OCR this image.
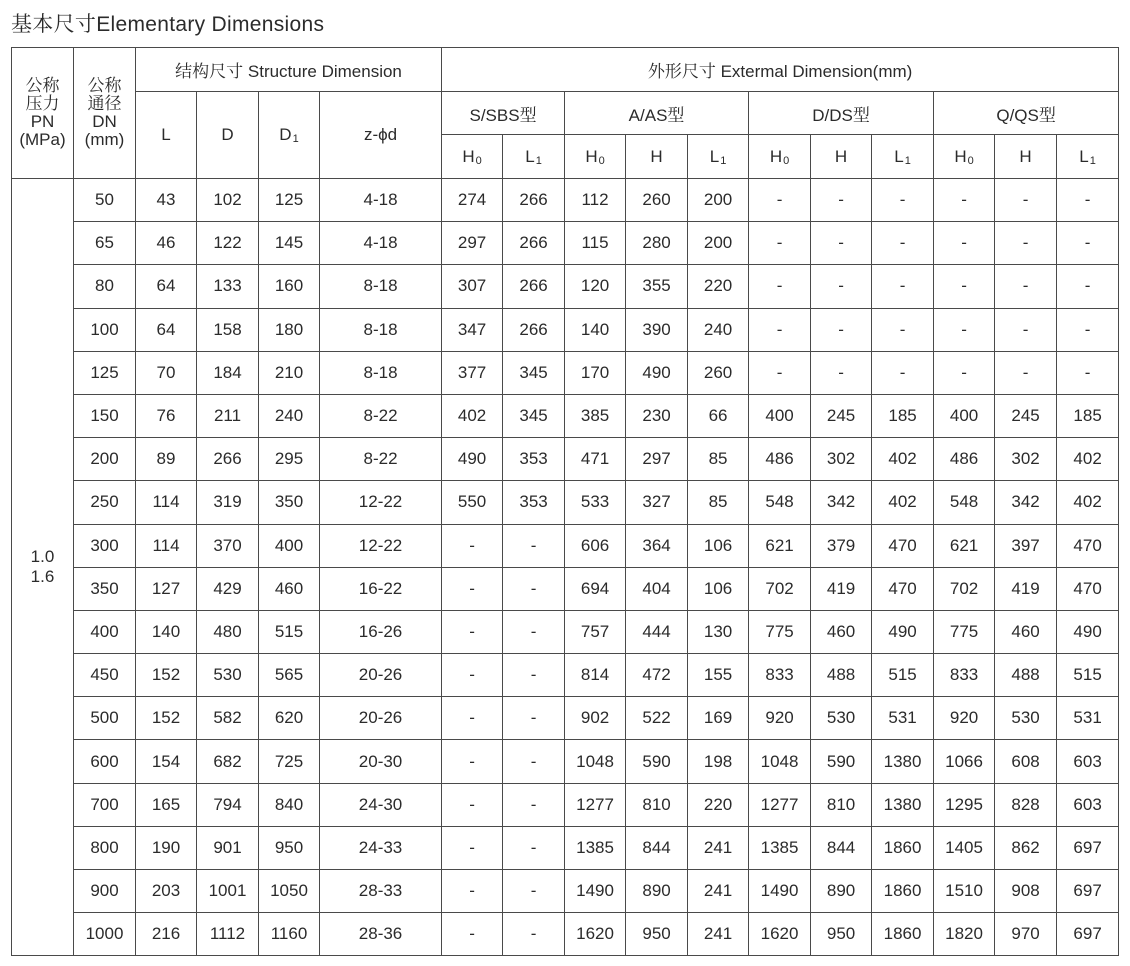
基本尺寸Elementary Dimensions
公称
压力
PN
(MPa)	公称
通径
DN
(mm)	结构尺寸 Structure Dimension				外形尺寸 Extermal Dimension(mm)										
		L	D	D1	z-ϕd	S/SBS型		A/AS型			D/DS型			Q/QS型		
						H0	L1	H0	H	L1	H0	H	L1	H0	H	L1

1.0
1.6	50	43	102	125	4-18	274	266	112	260	200	-	-	-	-	-	-
	65	46	122	145	4-18	297	266	115	280	200	-	-	-	-	-	-
	80	64	133	160	8-18	307	266	120	355	220	-	-	-	-	-	-
	100	64	158	180	8-18	347	266	140	390	240	-	-	-	-	-	-
	125	70	184	210	8-18	377	345	170	490	260	-	-	-	-	-	-
	150	76	211	240	8-22	402	345	385	230	66	400	245	185	400	245	185
	200	89	266	295	8-22	490	353	471	297	85	486	302	402	486	302	402
	250	114	319	350	12-22	550	353	533	327	85	548	342	402	548	342	402
	300	114	370	400	12-22	-	-	606	364	106	621	379	470	621	397	470
	350	127	429	460	16-22	-	-	694	404	106	702	419	470	702	419	470
	400	140	480	515	16-26	-	-	757	444	130	775	460	490	775	460	490
	450	152	530	565	20-26	-	-	814	472	155	833	488	515	833	488	515
	500	152	582	620	20-26	-	-	902	522	169	920	530	531	920	530	531
	600	154	682	725	20-30	-	-	1048	590	198	1048	590	1380	1066	608	603
	700	165	794	840	24-30	-	-	1277	810	220	1277	810	1380	1295	828	603
	800	190	901	950	24-33	-	-	1385	844	241	1385	844	1860	1405	862	697
	900	203	1001	1050	28-33	-	-	1490	890	241	1490	890	1860	1510	908	697
	1000	216	1112	1160	28-36	-	-	1620	950	241	1620	950	1860	1820	970	697
